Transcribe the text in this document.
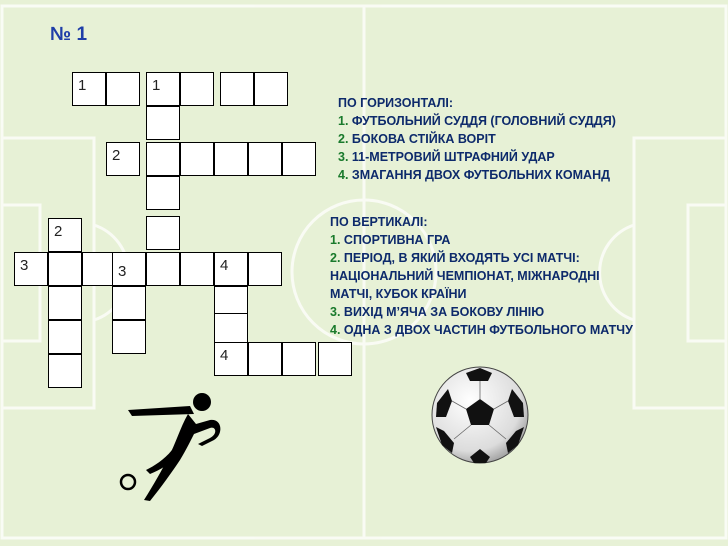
№ 1
1	1
2
2
3	3	4
4
ПО ГОРИЗОНТАЛІ:
1. ФУТБОЛЬНИЙ СУДДЯ (ГОЛОВНИЙ СУДДЯ)
2. БОКОВА СТІЙКА ВОРІТ
3. 11-МЕТРОВИЙ ШТРАФНИЙ УДАР
4. ЗМАГАННЯ ДВОХ ФУТБОЛЬНИХ КОМАНД
ПО ВЕРТИКАЛІ:
1. СПОРТИВНА ГРА
2. ПЕРІОД, В ЯКИЙ ВХОДЯТЬ УСІ МАТЧІ:
НАЦІОНАЛЬНИЙ ЧЕМПІОНАТ, МІЖНАРОДНІ
МАТЧІ, КУБОК КРАЇНИ
3. ВИХІД М’ЯЧА ЗА БОКОВУ ЛІНІЮ
4. ОДНА З ДВОХ ЧАСТИН ФУТБОЛЬНОГО МАТЧУ
